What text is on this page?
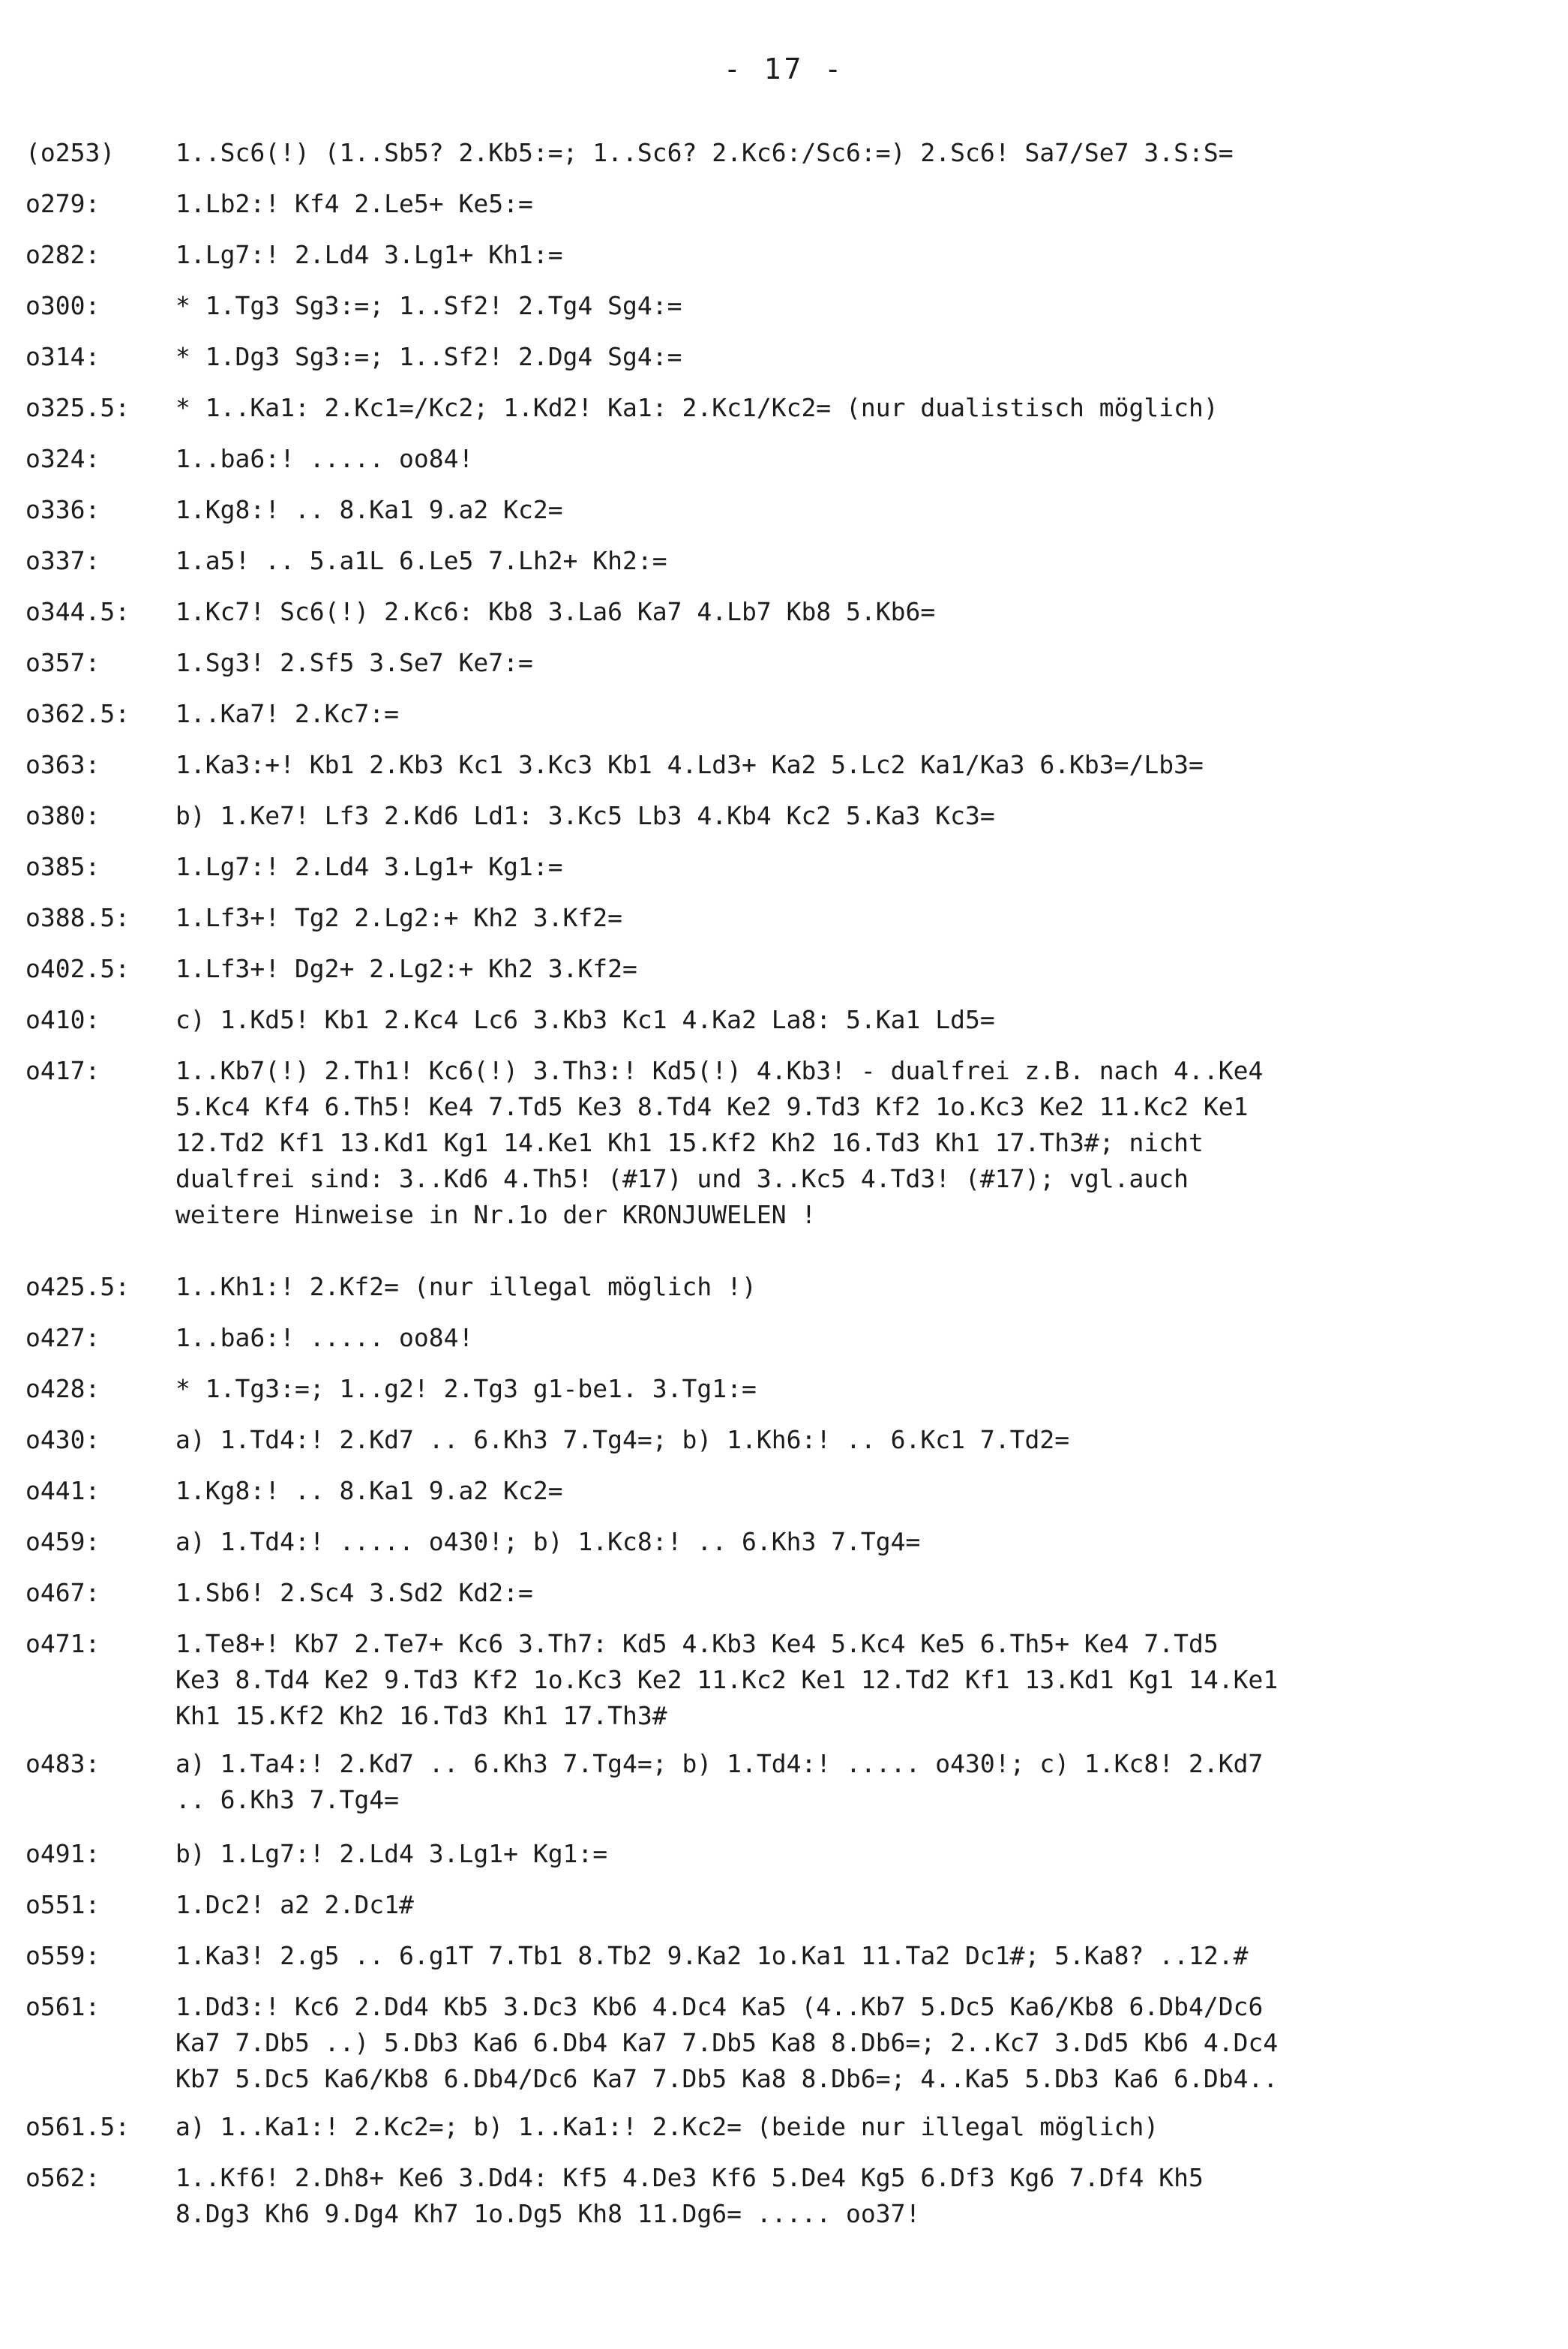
- 17 -
(o253)	1..Sc6(!) (1..Sb5? 2.Kb5:=; 1..Sc6? 2.Kc6:/Sc6:=) 2.Sc6! Sa7/Se7 3.S:S=
o279:	1.Lb2:! Kf4 2.Le5+ Ke5:=
o282:	1.Lg7:! 2.Ld4 3.Lg1+ Kh1:=
o300:	* 1.Tg3 Sg3:=; 1..Sf2! 2.Tg4 Sg4:=
o314:	* 1.Dg3 Sg3:=; 1..Sf2! 2.Dg4 Sg4:=
o325.5:	* 1..Ka1: 2.Kc1=/Kc2; 1.Kd2! Ka1: 2.Kc1/Kc2= (nur dualistisch möglich)
o324:	1..ba6:! ..... oo84!
o336:	1.Kg8:! .. 8.Ka1 9.a2 Kc2=
o337:	1.a5! .. 5.a1L 6.Le5 7.Lh2+ Kh2:=
o344.5:	1.Kc7! Sc6(!) 2.Kc6: Kb8 3.La6 Ka7 4.Lb7 Kb8 5.Kb6=
o357:	1.Sg3! 2.Sf5 3.Se7 Ke7:=
o362.5:	1..Ka7! 2.Kc7:=
o363:	1.Ka3:+! Kb1 2.Kb3 Kc1 3.Kc3 Kb1 4.Ld3+ Ka2 5.Lc2 Ka1/Ka3 6.Kb3=/Lb3=
o380:	b) 1.Ke7! Lf3 2.Kd6 Ld1: 3.Kc5 Lb3 4.Kb4 Kc2 5.Ka3 Kc3=
o385:	1.Lg7:! 2.Ld4 3.Lg1+ Kg1:=
o388.5:	1.Lf3+! Tg2 2.Lg2:+ Kh2 3.Kf2=
o402.5:	1.Lf3+! Dg2+ 2.Lg2:+ Kh2 3.Kf2=
o410:	c) 1.Kd5! Kb1 2.Kc4 Lc6 3.Kb3 Kc1 4.Ka2 La8: 5.Ka1 Ld5=
o417:	1..Kb7(!) 2.Th1! Kc6(!) 3.Th3:! Kd5(!) 4.Kb3! - dualfrei z.B. nach 4..Ke4
5.Kc4 Kf4 6.Th5! Ke4 7.Td5 Ke3 8.Td4 Ke2 9.Td3 Kf2 1o.Kc3 Ke2 11.Kc2 Ke1
12.Td2 Kf1 13.Kd1 Kg1 14.Ke1 Kh1 15.Kf2 Kh2 16.Td3 Kh1 17.Th3#; nicht
dualfrei sind: 3..Kd6 4.Th5! (#17) und 3..Kc5 4.Td3! (#17); vgl.auch
weitere Hinweise in Nr.1o der KRONJUWELEN !
o425.5:	1..Kh1:! 2.Kf2= (nur illegal möglich !)
o427:	1..ba6:! ..... oo84!
o428:	* 1.Tg3:=; 1..g2! 2.Tg3 g1-be1. 3.Tg1:=
o430:	a) 1.Td4:! 2.Kd7 .. 6.Kh3 7.Tg4=; b) 1.Kh6:! .. 6.Kc1 7.Td2=
o441:	1.Kg8:! .. 8.Ka1 9.a2 Kc2=
o459:	a) 1.Td4:! ..... o430!; b) 1.Kc8:! .. 6.Kh3 7.Tg4=
o467:	1.Sb6! 2.Sc4 3.Sd2 Kd2:=
o471:	1.Te8+! Kb7 2.Te7+ Kc6 3.Th7: Kd5 4.Kb3 Ke4 5.Kc4 Ke5 6.Th5+ Ke4 7.Td5
Ke3 8.Td4 Ke2 9.Td3 Kf2 1o.Kc3 Ke2 11.Kc2 Ke1 12.Td2 Kf1 13.Kd1 Kg1 14.Ke1
Kh1 15.Kf2 Kh2 16.Td3 Kh1 17.Th3#
o483:	a) 1.Ta4:! 2.Kd7 .. 6.Kh3 7.Tg4=; b) 1.Td4:! ..... o430!; c) 1.Kc8! 2.Kd7
.. 6.Kh3 7.Tg4=
o491:	b) 1.Lg7:! 2.Ld4 3.Lg1+ Kg1:=
o551:	1.Dc2! a2 2.Dc1#
o559:	1.Ka3! 2.g5 .. 6.g1T 7.Tb1 8.Tb2 9.Ka2 1o.Ka1 11.Ta2 Dc1#; 5.Ka8? ..12.#
o561:	1.Dd3:! Kc6 2.Dd4 Kb5 3.Dc3 Kb6 4.Dc4 Ka5 (4..Kb7 5.Dc5 Ka6/Kb8 6.Db4/Dc6
Ka7 7.Db5 ..) 5.Db3 Ka6 6.Db4 Ka7 7.Db5 Ka8 8.Db6=; 2..Kc7 3.Dd5 Kb6 4.Dc4
Kb7 5.Dc5 Ka6/Kb8 6.Db4/Dc6 Ka7 7.Db5 Ka8 8.Db6=; 4..Ka5 5.Db3 Ka6 6.Db4..
o561.5:	a) 1..Ka1:! 2.Kc2=; b) 1..Ka1:! 2.Kc2= (beide nur illegal möglich)
o562:	1..Kf6! 2.Dh8+ Ke6 3.Dd4: Kf5 4.De3 Kf6 5.De4 Kg5 6.Df3 Kg6 7.Df4 Kh5
8.Dg3 Kh6 9.Dg4 Kh7 1o.Dg5 Kh8 11.Dg6= ..... oo37!
